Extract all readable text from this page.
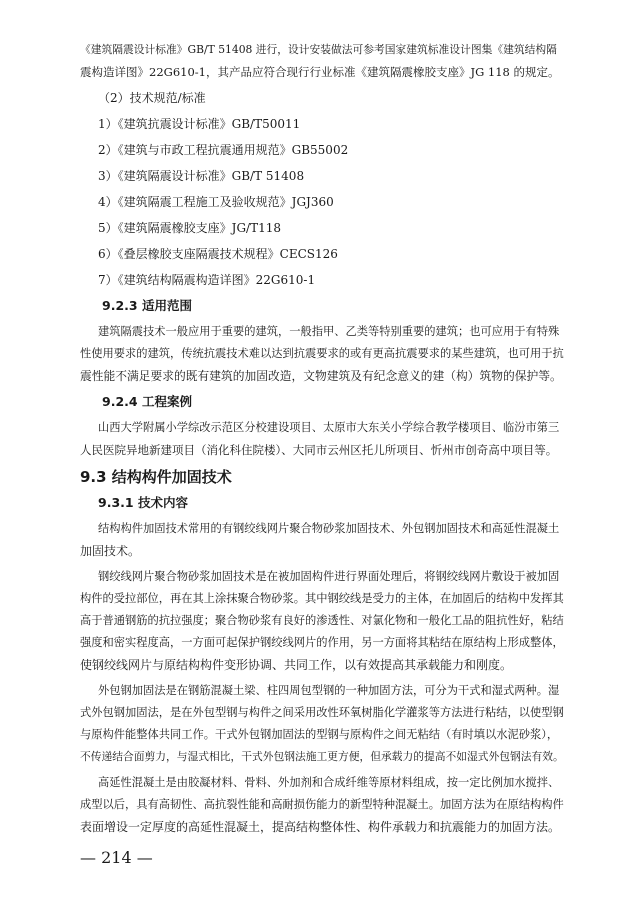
《建筑隔震设计标准》GB/T 51408 进行，设计安装做法可参考国家建筑标准设计图集《建筑结构隔
震构造详图》22G610-1，其产品应符合现行行业标准《建筑隔震橡胶支座》JG 118 的规定。
（2）技术规范/标准
1）《建筑抗震设计标准》GB/T50011
2）《建筑与市政工程抗震通用规范》GB55002
3）《建筑隔震设计标准》GB/T 51408
4）《建筑隔震工程施工及验收规范》JGJ360
5）《建筑隔震橡胶支座》JG/T118
6）《叠层橡胶支座隔震技术规程》CECS126
7）《建筑结构隔震构造详图》22G610-1
9.2.3 适用范围
建筑隔震技术一般应用于重要的建筑，一般指甲、乙类等特别重要的建筑；也可应用于有特殊
性使用要求的建筑，传统抗震技术难以达到抗震要求的或有更高抗震要求的某些建筑，也可用于抗
震性能不满足要求的既有建筑的加固改造，文物建筑及有纪念意义的建（构）筑物的保护等。
9.2.4 工程案例
山西大学附属小学综改示范区分校建设项目、太原市大东关小学综合教学楼项目、临汾市第三
人民医院异地新建项目（消化科住院楼）、大同市云州区托儿所项目、忻州市创奇高中项目等。
9.3 结构构件加固技术
9.3.1 技术内容
结构构件加固技术常用的有钢绞线网片聚合物砂浆加固技术、外包钢加固技术和高延性混凝土
加固技术。
钢绞线网片聚合物砂浆加固技术是在被加固构件进行界面处理后，将钢绞线网片敷设于被加固
构件的受拉部位，再在其上涂抹聚合物砂浆。其中钢绞线是受力的主体，在加固后的结构中发挥其
高于普通钢筋的抗拉强度；聚合物砂浆有良好的渗透性、对氯化物和一般化工品的阻抗性好，粘结
强度和密实程度高，一方面可起保护钢绞线网片的作用，另一方面将其粘结在原结构上形成整体，
使钢绞线网片与原结构构件变形协调、共同工作，以有效提高其承载能力和刚度。
外包钢加固法是在钢筋混凝土梁、柱四周包型钢的一种加固方法，可分为干式和湿式两种。湿
式外包钢加固法，是在外包型钢与构件之间采用改性环氧树脂化学灌浆等方法进行粘结，以使型钢
与原构件能整体共同工作。干式外包钢加固法的型钢与原构件之间无粘结（有时填以水泥砂浆），
不传递结合面剪力，与湿式相比，干式外包钢法施工更方便，但承载力的提高不如湿式外包钢法有效。
高延性混凝土是由胶凝材料、骨料、外加剂和合成纤维等原材料组成，按一定比例加水搅拌、
成型以后，具有高韧性、高抗裂性能和高耐损伤能力的新型特种混凝土。加固方法为在原结构构件
表面增设一定厚度的高延性混凝土，提高结构整体性、构件承载力和抗震能力的加固方法。
— 214 —
